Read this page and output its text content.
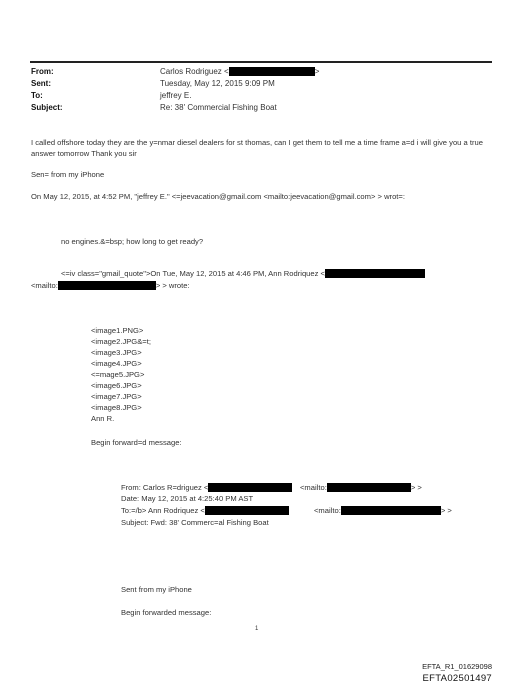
From:	Carlos Rodriguez <	>
Sent:	Tuesday, May 12, 2015 9:09 PM
To:	jeffrey E.
Subject:	Re: 38' Commercial Fishing Boat
I called offshore today they are the y=nmar diesel dealers for st thomas, can I get them to tell me a time frame a=d i will give you a true answer tomorrow Thank you sir
Sen= from my iPhone
On May 12, 2015, at 4:52 PM, "jeffrey E." <=jeevacation@gmail.com <mailto:jeevacation@gmail.com> > wrot=:
no engines.&=bsp; how long to get ready?
<=iv class="gmail_quote">On Tue, May 12, 2015 at 4:46 PM, Ann Rodriquez <
<mailto:	> > wrote:
<image1.PNG>
<image2.JPG&=t;
<image3.JPG>
<image4.JPG>
<=mage5.JPG>
<image6.JPG>
<image7.JPG>
<image8.JPG>
Ann R.
Begin forward=d message:
From: Carlos R=driguez <	<mailto:	> >
Date: May 12, 2015 at 4:25:40 PM AST
To:=/b> Ann Rodriquez <	<mailto:	> >
Subject: Fwd: 38' Commerc=al Fishing Boat
Sent from my iPhone
Begin forwarded message:
1
EFTA_R1_01629098
EFTA02501497
